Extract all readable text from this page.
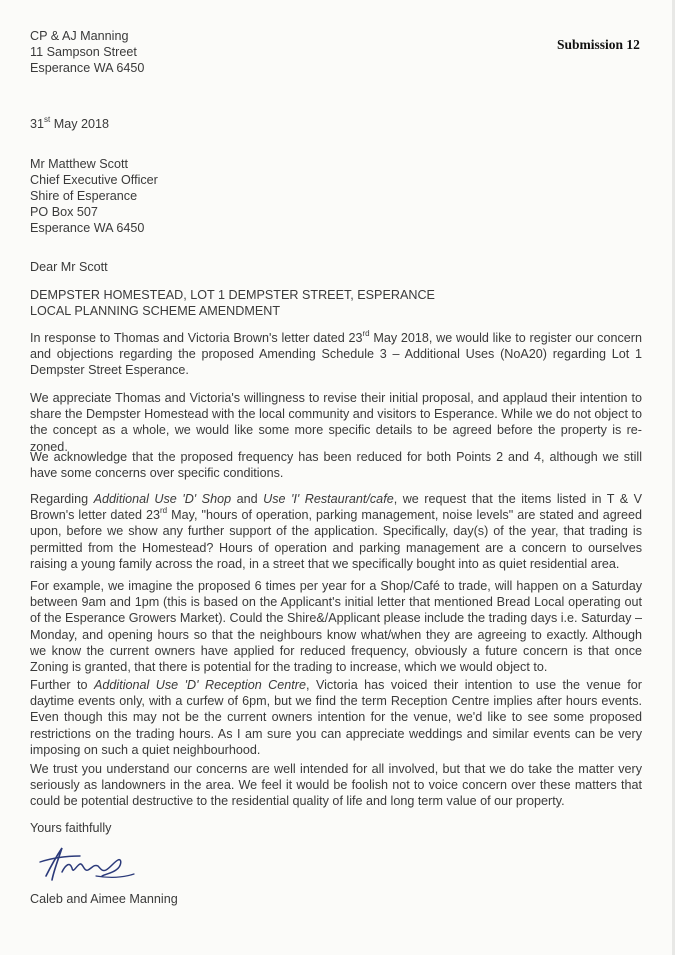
Submission 12
CP & AJ Manning
11 Sampson Street
Esperance WA 6450
31st May 2018
Mr Matthew Scott
Chief Executive Officer
Shire of Esperance
PO Box 507
Esperance WA 6450
Dear Mr Scott
DEMPSTER HOMESTEAD, LOT 1 DEMPSTER STREET, ESPERANCE
LOCAL PLANNING SCHEME AMENDMENT
In response to Thomas and Victoria Brown's letter dated 23rd May 2018, we would like to register our concern and objections regarding the proposed Amending Schedule 3 – Additional Uses (NoA20) regarding Lot 1 Dempster Street Esperance.
We appreciate Thomas and Victoria's willingness to revise their initial proposal, and applaud their intention to share the Dempster Homestead with the local community and visitors to Esperance. While we do not object to the concept as a whole, we would like some more specific details to be agreed before the property is re-zoned.
We acknowledge that the proposed frequency has been reduced for both Points 2 and 4, although we still have some concerns over specific conditions.
Regarding Additional Use 'D' Shop and Use 'I' Restaurant/cafe, we request that the items listed in T & V Brown's letter dated 23rd May, "hours of operation, parking management, noise levels" are stated and agreed upon, before we show any further support of the application. Specifically, day(s) of the year, that trading is permitted from the Homestead? Hours of operation and parking management are a concern to ourselves raising a young family across the road, in a street that we specifically bought into as quiet residential area.
For example, we imagine the proposed 6 times per year for a Shop/Café to trade, will happen on a Saturday between 9am and 1pm (this is based on the Applicant's initial letter that mentioned Bread Local operating out of the Esperance Growers Market). Could the Shire&/Applicant please include the trading days i.e. Saturday – Monday, and opening hours so that the neighbours know what/when they are agreeing to exactly. Although we know the current owners have applied for reduced frequency, obviously a future concern is that once Zoning is granted, that there is potential for the trading to increase, which we would object to.
Further to Additional Use 'D' Reception Centre, Victoria has voiced their intention to use the venue for daytime events only, with a curfew of 6pm, but we find the term Reception Centre implies after hours events. Even though this may not be the current owners intention for the venue, we'd like to see some proposed restrictions on the trading hours. As I am sure you can appreciate weddings and similar events can be very imposing on such a quiet neighbourhood.
We trust you understand our concerns are well intended for all involved, but that we do take the matter very seriously as landowners in the area. We feel it would be foolish not to voice concern over these matters that could be potential destructive to the residential quality of life and long term value of our property.
Yours faithfully
Caleb and Aimee Manning
